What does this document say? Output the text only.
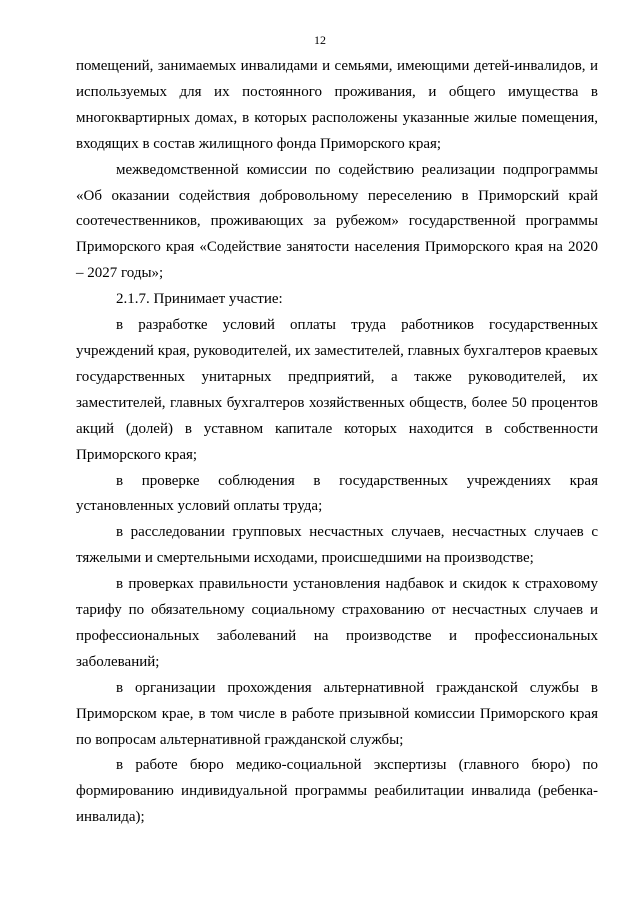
12

помещений, занимаемых инвалидами и семьями, имеющими детей-инвалидов, и используемых для их постоянного проживания, и общего имущества в многоквартирных домах, в которых расположены указанные жилые помещения, входящих в состав жилищного фонда Приморского края;

межведомственной комиссии по содействию реализации подпрограммы «Об оказании содействия добровольному переселению в Приморский край соотечественников, проживающих за рубежом» государственной программы Приморского края «Содействие занятости населения Приморского края на 2020 – 2027 годы»;

2.1.7. Принимает участие:

в разработке условий оплаты труда работников государственных учреждений края, руководителей, их заместителей, главных бухгалтеров краевых государственных унитарных предприятий, а также руководителей, их заместителей, главных бухгалтеров хозяйственных обществ, более 50 процентов акций (долей) в уставном капитале которых находится в собственности Приморского края;

в проверке соблюдения в государственных учреждениях края установленных условий оплаты труда;

в расследовании групповых несчастных случаев, несчастных случаев с тяжелыми и смертельными исходами, происшедшими на производстве;

в проверках правильности установления надбавок и скидок к страховому тарифу по обязательному социальному страхованию от несчастных случаев и профессиональных заболеваний на производстве и профессиональных заболеваний;

в организации прохождения альтернативной гражданской службы в Приморском крае, в том числе в работе призывной комиссии Приморского края по вопросам альтернативной гражданской службы;

в работе бюро медико-социальной экспертизы (главного бюро) по формированию индивидуальной программы реабилитации инвалида (ребенка-инвалида);
